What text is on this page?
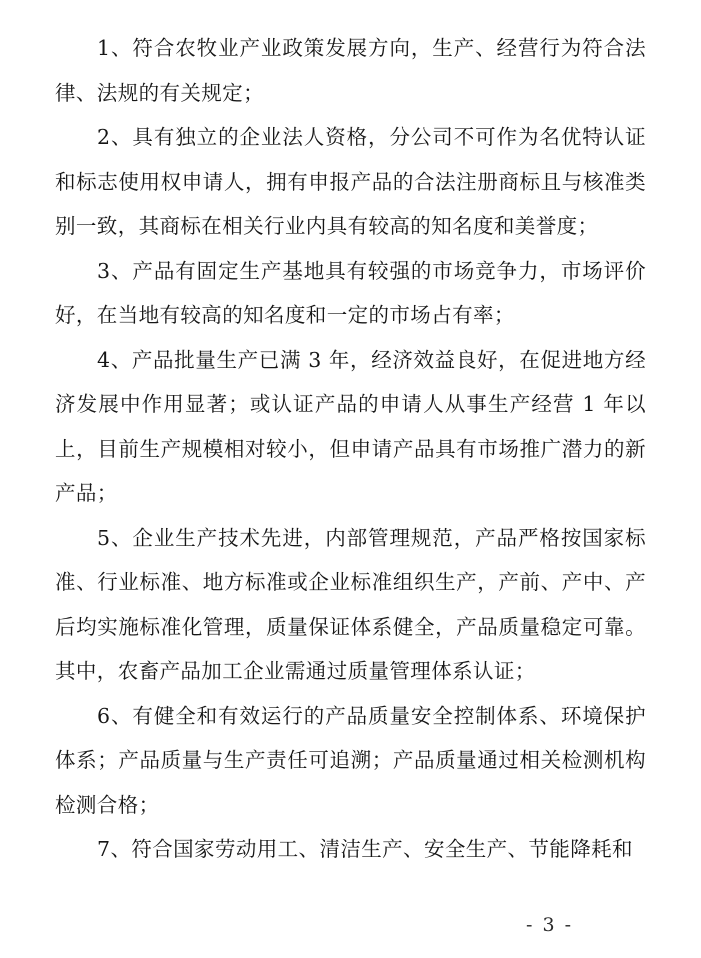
1、符合农牧业产业政策发展方向，生产、经营行为符合法律、法规的有关规定；

2、具有独立的企业法人资格，分公司不可作为名优特认证和标志使用权申请人，拥有申报产品的合法注册商标且与核准类别一致，其商标在相关行业内具有较高的知名度和美誉度；

3、产品有固定生产基地具有较强的市场竞争力，市场评价好，在当地有较高的知名度和一定的市场占有率；

4、产品批量生产已满 3 年，经济效益良好，在促进地方经济发展中作用显著；或认证产品的申请人从事生产经营 1 年以上，目前生产规模相对较小，但申请产品具有市场推广潜力的新产品；

5、企业生产技术先进，内部管理规范，产品严格按国家标准、行业标准、地方标准或企业标准组织生产，产前、产中、产后均实施标准化管理，质量保证体系健全，产品质量稳定可靠。其中，农畜产品加工企业需通过质量管理体系认证；

6、有健全和有效运行的产品质量安全控制体系、环境保护体系；产品质量与生产责任可追溯；产品质量通过相关检测机构检测合格；

7、符合国家劳动用工、清洁生产、安全生产、节能降耗和

- 3 -
